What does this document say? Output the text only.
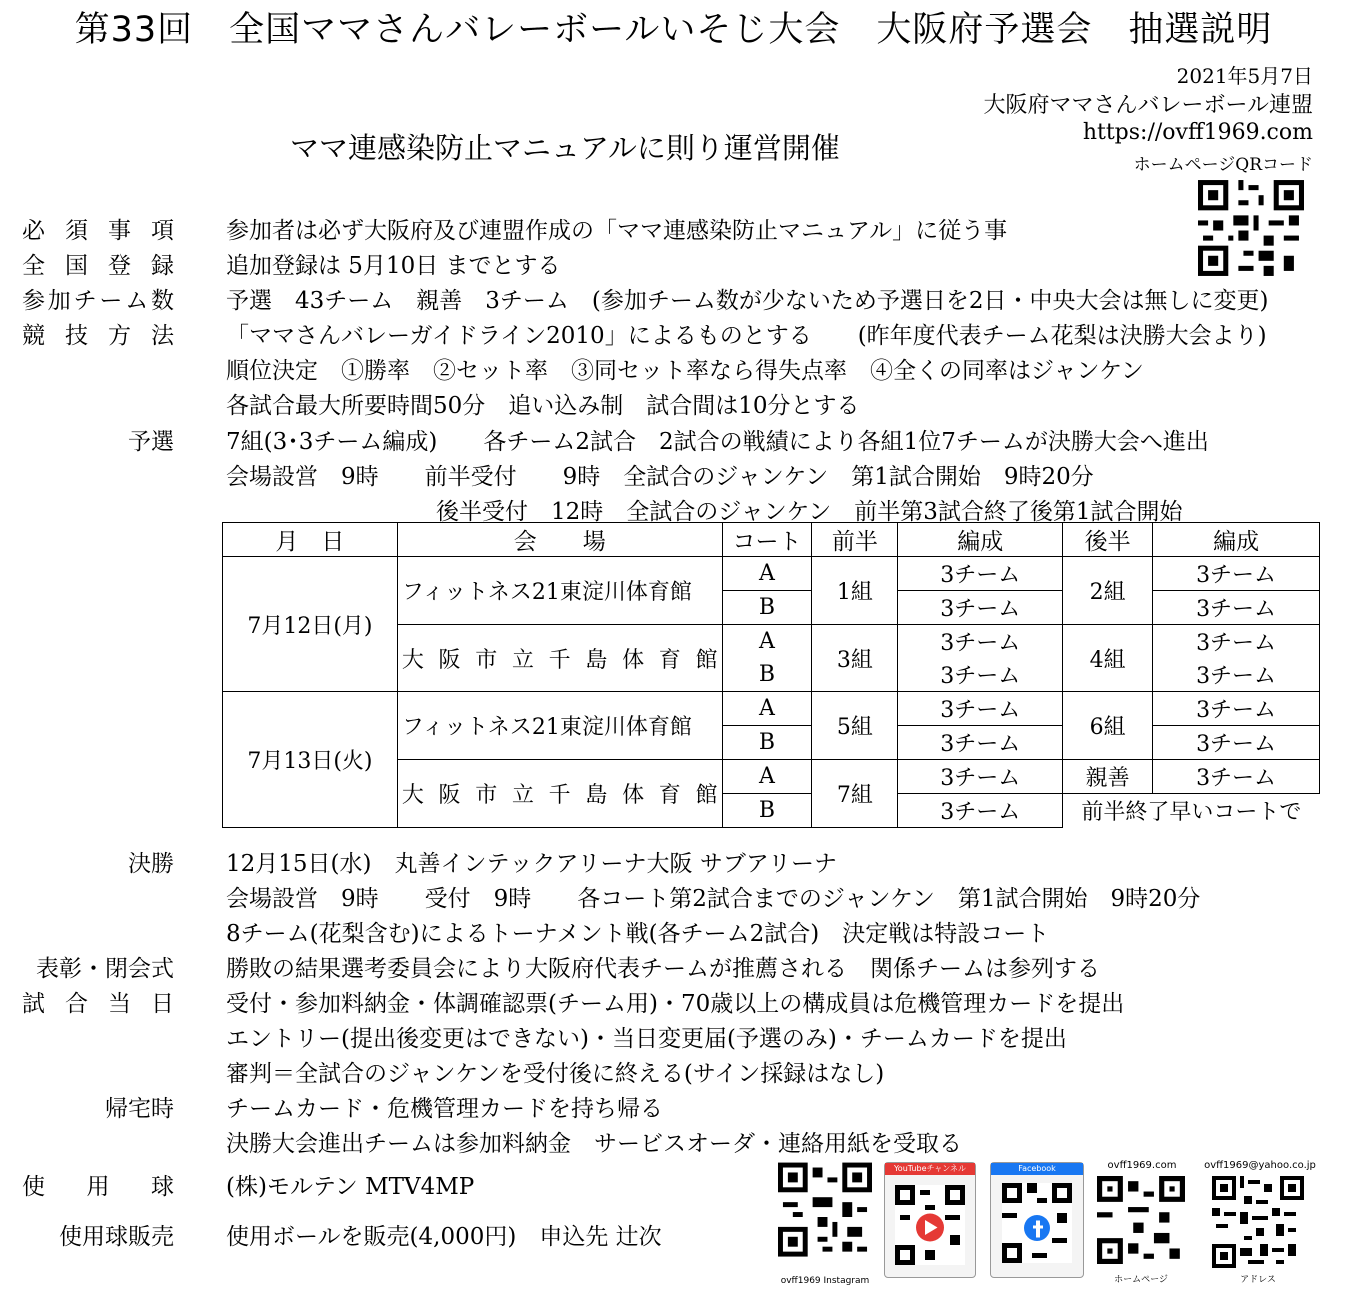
第33回　全国ママさんバレーボールいそじ大会　大阪府予選会　抽選説明
2021年5月7日
大阪府ママさんバレーボール連盟
https://ovff1969.com
ホームページQRコード
ママ連感染防止マニュアルに則り運営開催
必須事項 参加者は必ず大阪府及び連盟作成の「ママ連感染防止マニュアル」に従う事
全国登録 追加登録は 5月10日 までとする
参加チーム数 予選　43チーム　親善　3チーム　(参加チーム数が少ないため予選日を2日・中央大会は無しに変更)
競技方法 「ママさんバレーガイドライン2010」によるものとする　　(昨年度代表チーム花梨は決勝大会より)
順位決定　①勝率　②セット率　③同セット率なら得失点率　④全くの同率はジャンケン
各試合最大所要時間50分　追い込み制　試合間は10分とする
予選 7組(3･3チーム編成)　　各チーム2試合　2試合の戦績により各組1位7チームが決勝大会へ進出
会場設営　9時　　前半受付　　9時　全試合のジャンケン　第1試合開始　9時20分
後半受付　12時　全試合のジャンケン　前半第3試合終了後第1試合開始
月　日	会　　場	コート	前半	編成	後半	編成
7月12日(月)	フィットネス21東淀川体育館	A	1組	3チーム	2組	3チーム
		B		3チーム		3チーム
	大阪市立千島体育館	A	3組	3チーム	4組	3チーム
		B		3チーム		3チーム
7月13日(火)	フィットネス21東淀川体育館	A	5組	3チーム	6組	3チーム
		B		3チーム		3チーム
	大阪市立千島体育館	A	7組	3チーム	親善	3チーム
		B		3チーム	前半終了早いコートで	
決勝 12月15日(水)　丸善インテックアリーナ大阪 サブアリーナ
会場設営　9時　　受付　9時　　各コート第2試合までのジャンケン　第1試合開始　9時20分
8チーム(花梨含む)によるトーナメント戦(各チーム2試合)　決定戦は特設コート
表彰・閉会式 勝敗の結果選考委員会により大阪府代表チームが推薦される　関係チームは参列する
試合当日 受付・参加料納金・体調確認票(チーム用)・70歳以上の構成員は危機管理カードを提出
エントリー(提出後変更はできない)・当日変更届(予選のみ)・チームカードを提出
審判＝全試合のジャンケンを受付後に終える(サイン採録はなし)
帰宅時 チームカード・危機管理カードを持ち帰る
決勝大会進出チームは参加料納金　サービスオーダ・連絡用紙を受取る
使用球 (株)モルテン MTV4MP
使用球販売 使用ボールを販売(4,000円)　申込先 辻次
ovff1969 Instagram
YouTubeチャンネル	Facebook	ovff1969.com
ホームページ
ovff1969@yahoo.co.jp
アドレス
